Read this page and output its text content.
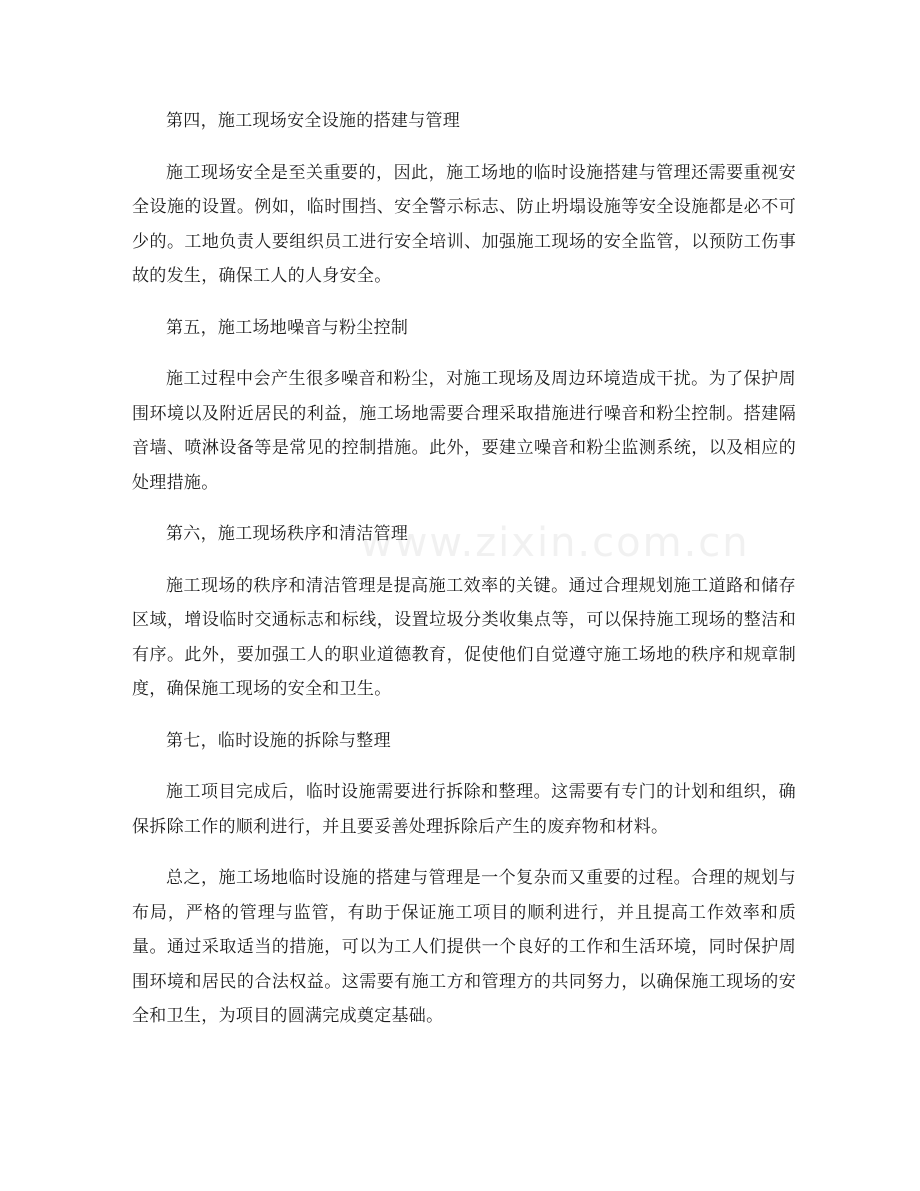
www.zixin.com.cn

第四，施工现场安全设施的搭建与管理

施工现场安全是至关重要的，因此，施工场地的临时设施搭建与管理还需要重视安全设施的设置。例如，临时围挡、安全警示标志、防止坍塌设施等安全设施都是必不可少的。工地负责人要组织员工进行安全培训、加强施工现场的安全监管，以预防工伤事故的发生，确保工人的人身安全。

第五，施工场地噪音与粉尘控制

施工过程中会产生很多噪音和粉尘，对施工现场及周边环境造成干扰。为了保护周围环境以及附近居民的利益，施工场地需要合理采取措施进行噪音和粉尘控制。搭建隔音墙、喷淋设备等是常见的控制措施。此外，要建立噪音和粉尘监测系统，以及相应的处理措施。

第六，施工现场秩序和清洁管理

施工现场的秩序和清洁管理是提高施工效率的关键。通过合理规划施工道路和储存区域，增设临时交通标志和标线，设置垃圾分类收集点等，可以保持施工现场的整洁和有序。此外，要加强工人的职业道德教育，促使他们自觉遵守施工场地的秩序和规章制度，确保施工现场的安全和卫生。

第七，临时设施的拆除与整理

施工项目完成后，临时设施需要进行拆除和整理。这需要有专门的计划和组织，确保拆除工作的顺利进行，并且要妥善处理拆除后产生的废弃物和材料。

总之，施工场地临时设施的搭建与管理是一个复杂而又重要的过程。合理的规划与布局，严格的管理与监管，有助于保证施工项目的顺利进行，并且提高工作效率和质量。通过采取适当的措施，可以为工人们提供一个良好的工作和生活环境，同时保护周围环境和居民的合法权益。这需要有施工方和管理方的共同努力，以确保施工现场的安全和卫生，为项目的圆满完成奠定基础。
